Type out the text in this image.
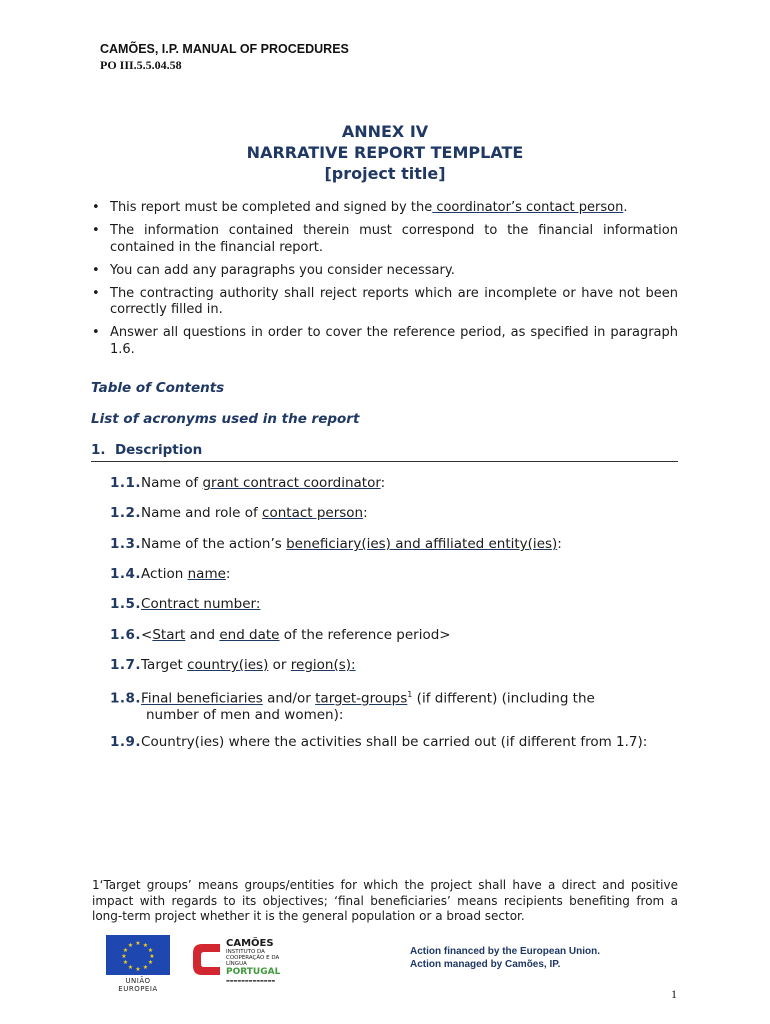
CAMÕES, I.P. MANUAL OF PROCEDURES
PO III.5.5.04.58
ANNEX IV
NARRATIVE REPORT TEMPLATE
[project title]
• This report must be completed and signed by the coordinator’s contact person.
• The information contained therein must correspond to the financial information contained in the financial report.
• You can add any paragraphs you consider necessary.
• The contracting authority shall reject reports which are incomplete or have not been correctly filled in.
• Answer all questions in order to cover the reference period, as specified in paragraph 1.6.
Table of Contents
List of acronyms used in the report
1. Description
1.1.Name of grant contract coordinator:
1.2.Name and role of contact person:
1.3.Name of the action’s beneficiary(ies) and affiliated entity(ies):
1.4.Action name:
1.5.Contract number:
1.6.<Start and end date of the reference period>
1.7.Target country(ies) or region(s):
1.8.Final beneficiaries and/or target-groups$^1$ (if different) (including the
number of men and women):
1.9.Country(ies) where the activities shall be carried out (if different from 1.7):
1‘Target groups’ means groups/entities for which the project shall have a direct and positive impact with regards to its objectives; ‘final beneficiaries’ means recipients benefiting from a long-term project whether it is the general population or a broad sector.
★ ★
★
★
★
★
★
★
★
★
★
★
UNIÃO EUROPEIA
CAMÕES
INSTITUTO DA COOPERAÇÃO E DA LÍNGUA
PORTUGAL
▬▬▬▬▬▬▬▬▬▬▬▬▬
Action financed by the European Union.
Action managed by Camões, IP.
1
